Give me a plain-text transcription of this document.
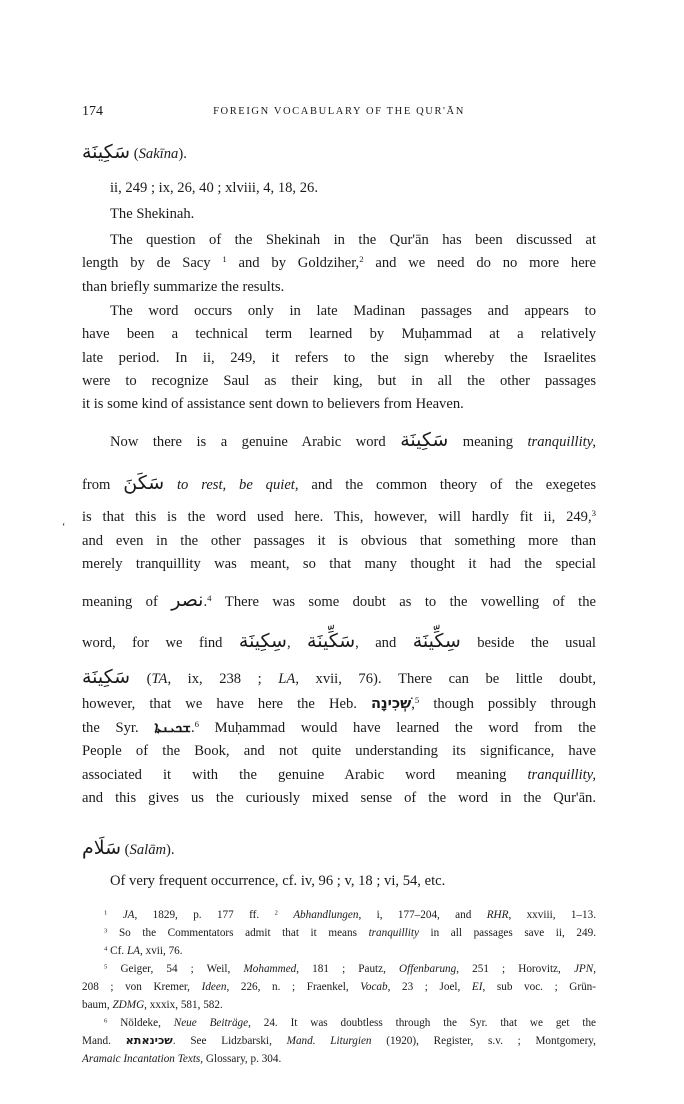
174	FOREIGN VOCABULARY OF THE QUR'ĀN
‘
سَكِينَة (Sakīna).
ii, 249 ; ix, 26, 40 ; xlviii, 4, 18, 26.
The Shekinah.
The question of the Shekinah in the Qur'ān has been discussed at
length by de Sacy $^1$ and by Goldziher,$^2$ and we need do no more here
than briefly summarize the results.
The word occurs only in late Madinan passages and appears to
have been a technical term learned by Muḥammad at a relatively
late period. In ii, 249, it refers to the sign whereby the Israelites
were to recognize Saul as their king, but in all the other passages
it is some kind of assistance sent down to believers from Heaven.
Now there is a genuine Arabic word سَكِينَة meaning tranquillity,
from سَكَنَ to rest, be quiet, and the common theory of the exegetes
is that this is the word used here. This, however, will hardly fit ii, 249,$^3$
and even in the other passages it is obvious that something more than
merely tranquillity was meant, so that many thought it had the special
meaning of نصر.$^4$ There was some doubt as to the vowelling of the
word, for we find سِكِينَة, سَكِّينَة, and سِكِّينَة beside the usual
سَكِينَة (TA, ix, 238 ; LA, xvii, 76). There can be little doubt,
however, that we have here the Heb. שְׁכִינָה,$^5$ though possibly through
the Syr. ܫܟܝܢܬܐ.$^6$ Muḥammad would have learned the word from the
People of the Book, and not quite understanding its significance, have
associated it with the genuine Arabic word meaning tranquillity,
and this gives us the curiously mixed sense of the word in the Qur'ān.
سَلَام (Salām).
Of very frequent occurrence, cf. iv, 96 ; v, 18 ; vi, 54, etc.
$^1$ JA, 1829, p. 177 ff. $^2$ Abhandlungen, i, 177–204, and RHR, xxviii, 1–13.
$^3$ So the Commentators admit that it means tranquillity in all passages save ii, 249.
$^4$ Cf. LA, xvii, 76.
$^5$ Geiger, 54 ; Weil, Mohammed, 181 ; Pautz, Offenbarung, 251 ; Horovitz, JPN,
208 ; von Kremer, Ideen, 226, n. ; Fraenkel, Vocab, 23 ; Joel, EI, sub voc. ; Grün-
baum, ZDMG, xxxix, 581, 582.
$^6$ Nöldeke, Neue Beiträge, 24. It was doubtless through the Syr. that we get the
Mand. שכינאתא. See Lidzbarski, Mand. Liturgien (1920), Register, s.v. ; Montgomery,
Aramaic Incantation Texts, Glossary, p. 304.
